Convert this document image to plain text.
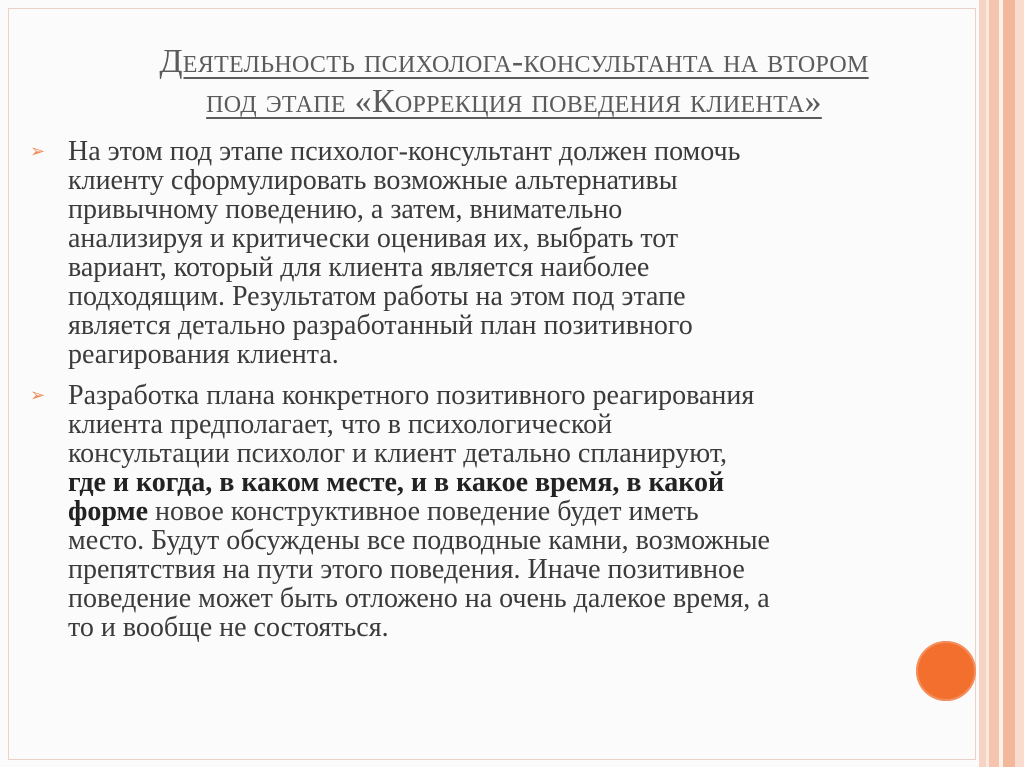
Деятельность психолога-консультанта на втором
под этапе «Коррекция поведения клиента»
➢ На этом под этапе психолог-консультант должен помочь
клиенту сформулировать возможные альтернативы
привычному поведению, а затем, внимательно
анализируя и критически оценивая их, выбрать тот
вариант, который для клиента является наиболее
подходящим. Результатом работы на этом под этапе
является детально разработанный план позитивного
реагирования клиента.
➢ Разработка плана конкретного позитивного реагирования
клиента предполагает, что в психологической
консультации психолог и клиент детально спланируют,
где и когда, в каком месте, и в какое время, в какой
форме новое конструктивное поведение будет иметь
место. Будут обсуждены все подводные камни, возможные
препятствия на пути этого поведения. Иначе позитивное
поведение может быть отложено на очень далекое время, а
то и вообще не состояться.
